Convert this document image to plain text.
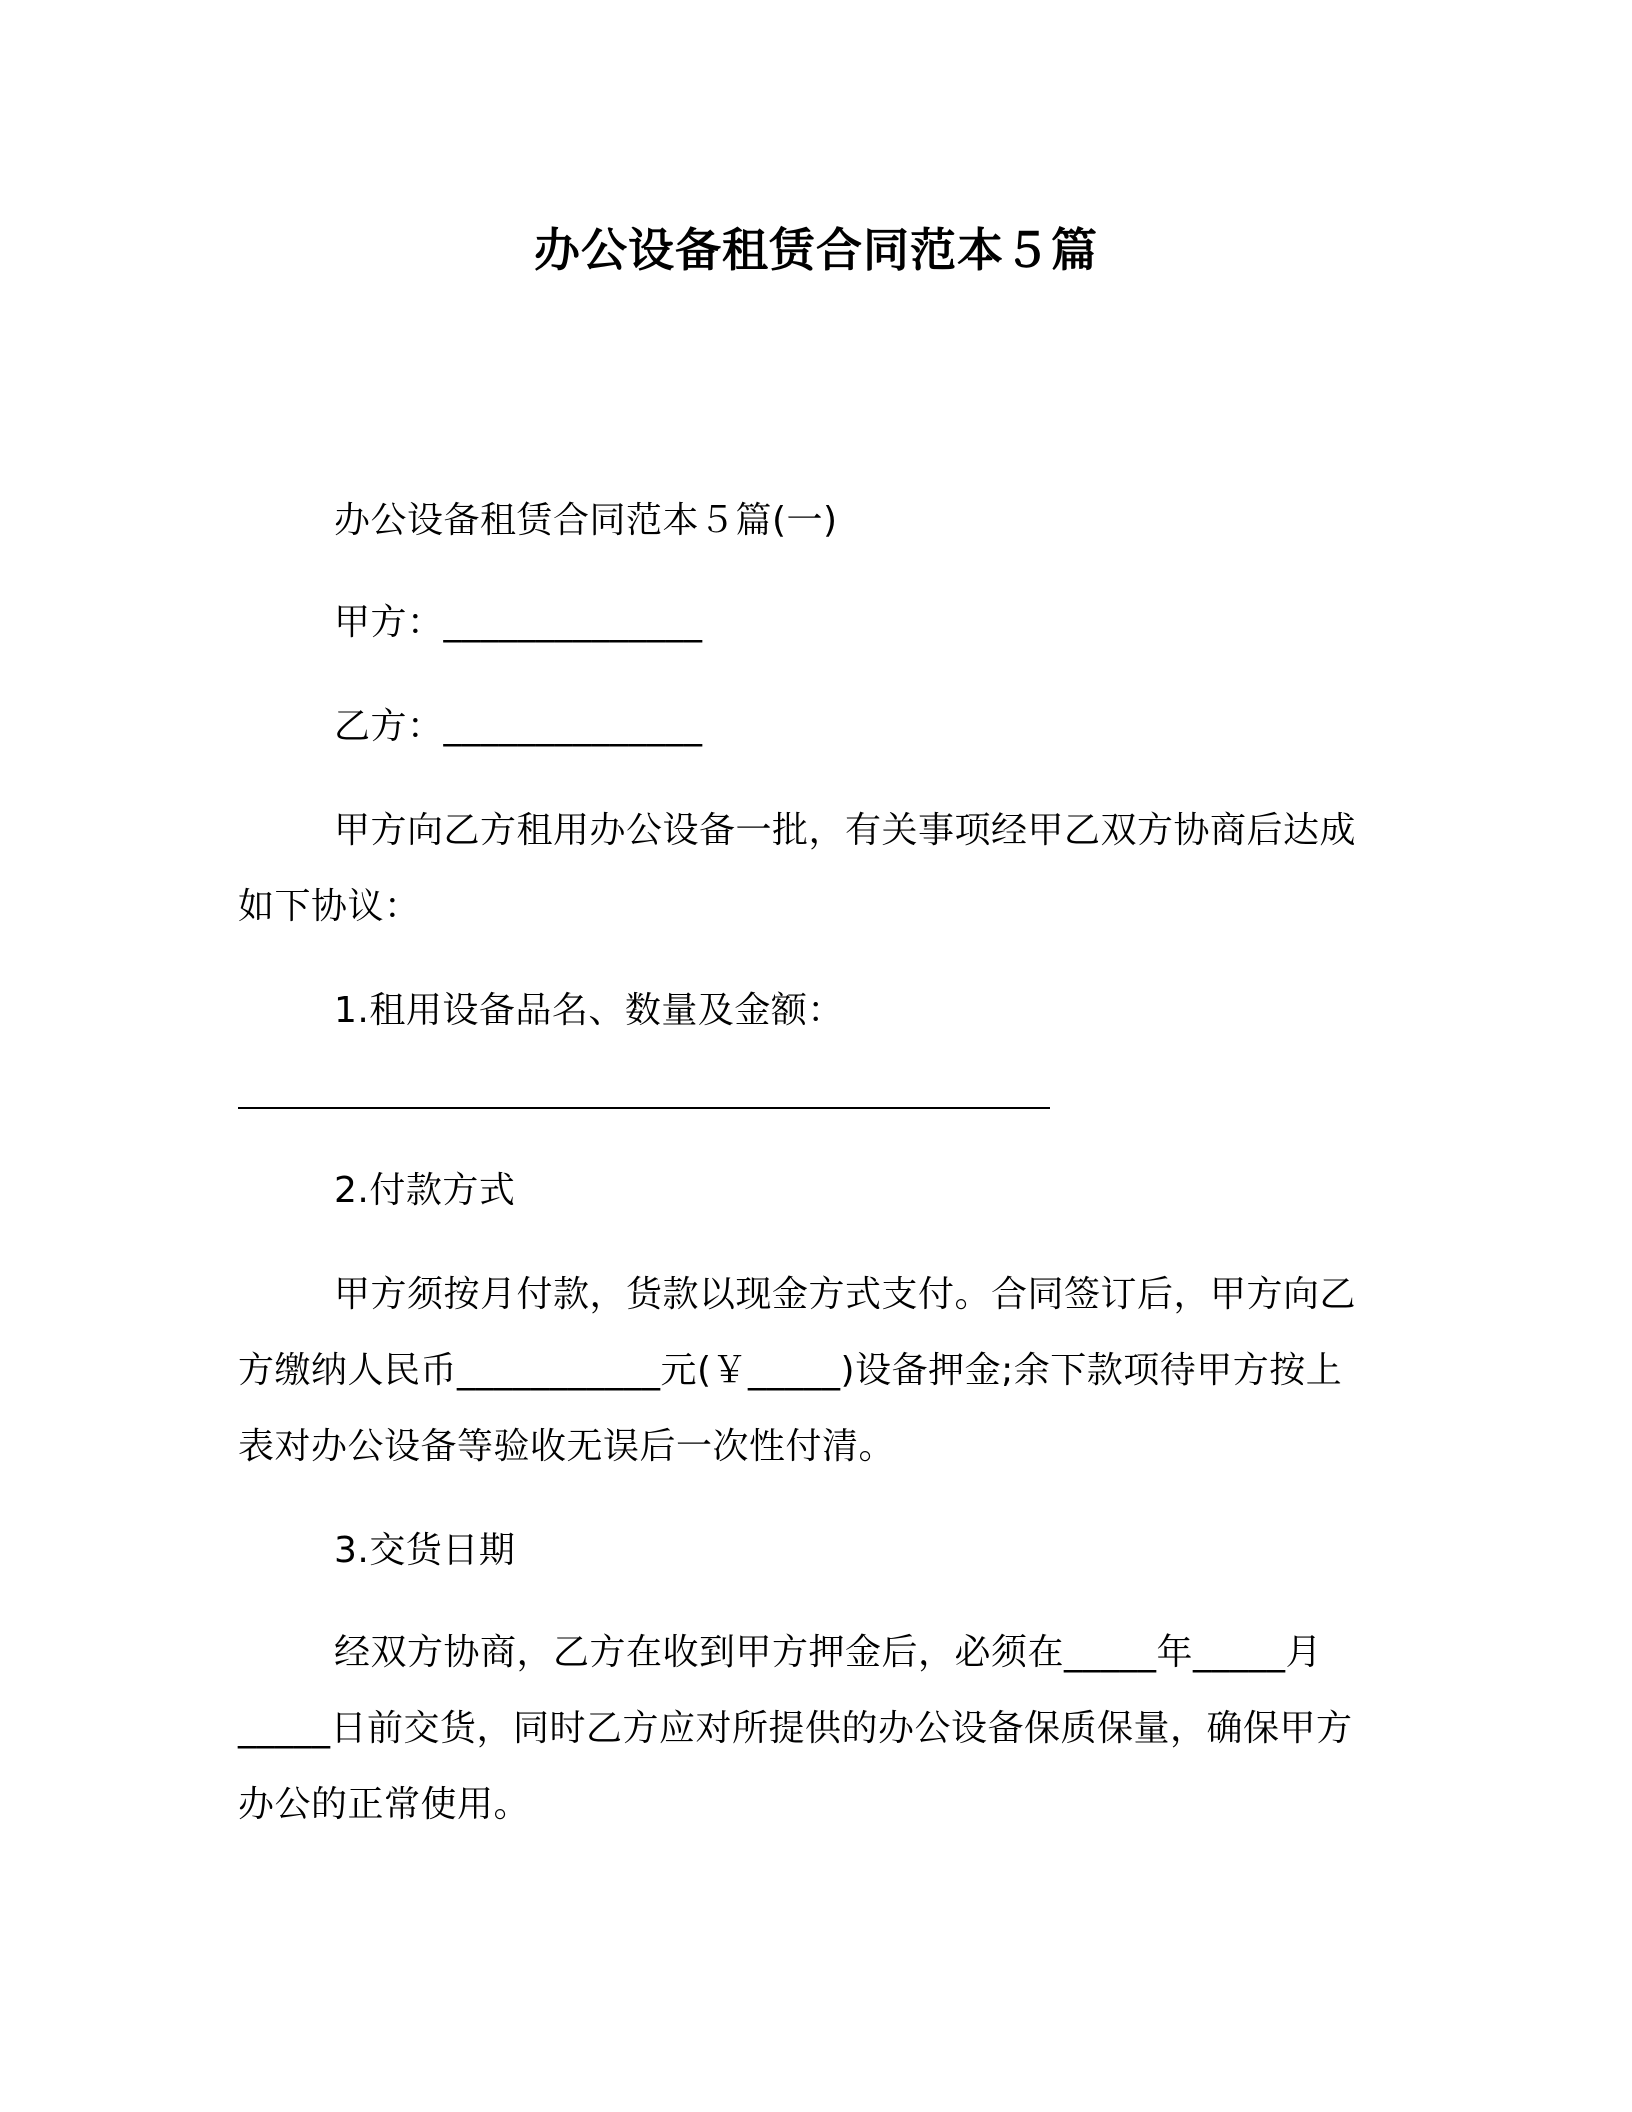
办公设备租赁合同范本５篇
办公设备租赁合同范本５篇(一)
甲方：______________
乙方：______________
甲方向乙方租用办公设备一批，有关事项经甲乙双方协商后达成
如下协议：
1.租用设备品名、数量及金额：
2.付款方式
甲方须按月付款，货款以现金方式支付。合同签订后，甲方向乙
方缴纳人民币___________元(￥_____)设备押金;余下款项待甲方按上
表对办公设备等验收无误后一次性付清。
3.交货日期
经双方协商，乙方在收到甲方押金后，必须在_____年_____月
_____日前交货，同时乙方应对所提供的办公设备保质保量，确保甲方
办公的正常使用。
